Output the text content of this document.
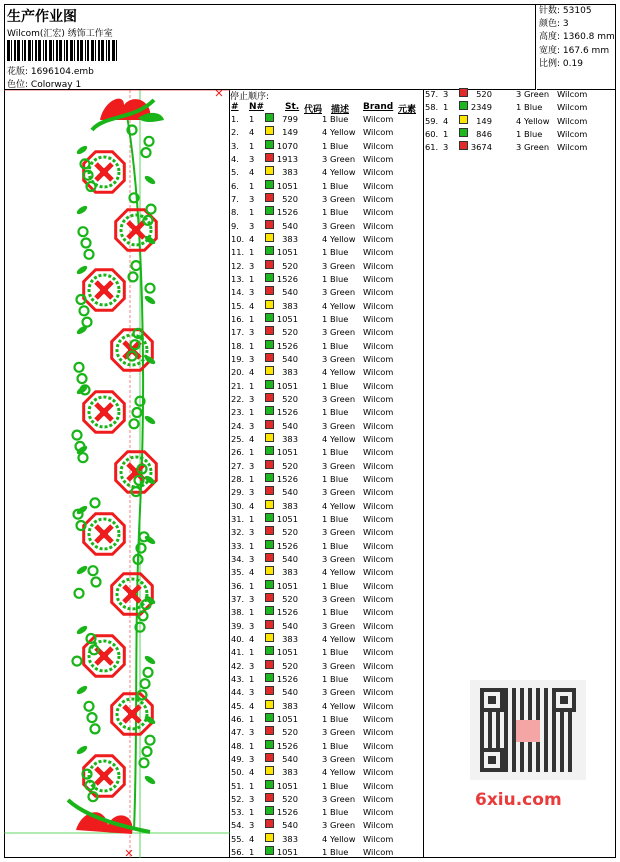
生产作业图
Wilcom(汇宏) 绣饰工作室
花版: 1696104.emb
色位: Colorway 1
针数: 53105
颜色: 3
高度: 1360.8 mm
宽度: 167.6 mm
比例: 0.19
停止顺序:
# N# St. 代码 描述 Brand 元素
1. 1	799	1 Blue Wilcom
2. 4	149	4 Yellow Wilcom
3. 1	1070	1 Blue Wilcom
4. 3	1913	3 Green Wilcom
5. 4	383	4 Yellow Wilcom
6. 1	1051	1 Blue Wilcom
7. 3	520	3 Green Wilcom
8. 1	1526	1 Blue Wilcom
9. 3	540	3 Green Wilcom
10. 4	383	4 Yellow Wilcom
11. 1	1051	1 Blue Wilcom
12. 3	520	3 Green Wilcom
13. 1	1526	1 Blue Wilcom
14. 3	540	3 Green Wilcom
15. 4	383	4 Yellow Wilcom
16. 1	1051	1 Blue Wilcom
17. 3	520	3 Green Wilcom
18. 1	1526	1 Blue Wilcom
19. 3	540	3 Green Wilcom
20. 4	383	4 Yellow Wilcom
21. 1	1051	1 Blue Wilcom
22. 3	520	3 Green Wilcom
23. 1	1526	1 Blue Wilcom
24. 3	540	3 Green Wilcom
25. 4	383	4 Yellow Wilcom
26. 1	1051	1 Blue Wilcom
27. 3	520	3 Green Wilcom
28. 1	1526	1 Blue Wilcom
29. 3	540	3 Green Wilcom
30. 4	383	4 Yellow Wilcom
31. 1	1051	1 Blue Wilcom
32. 3	520	3 Green Wilcom
33. 1	1526	1 Blue Wilcom
34. 3	540	3 Green Wilcom
35. 4	383	4 Yellow Wilcom
36. 1	1051	1 Blue Wilcom
37. 3	520	3 Green Wilcom
38. 1	1526	1 Blue Wilcom
39. 3	540	3 Green Wilcom
40. 4	383	4 Yellow Wilcom
41. 1	1051	1 Blue Wilcom
42. 3	520	3 Green Wilcom
43. 1	1526	1 Blue Wilcom
44. 3	540	3 Green Wilcom
45. 4	383	4 Yellow Wilcom
46. 1	1051	1 Blue Wilcom
47. 3	520	3 Green Wilcom
48. 1	1526	1 Blue Wilcom
49. 3	540	3 Green Wilcom
50. 4	383	4 Yellow Wilcom
51. 1	1051	1 Blue Wilcom
52. 3	520	3 Green Wilcom
53. 1	1526	1 Blue Wilcom
54. 3	540	3 Green Wilcom
55. 4	383	4 Yellow Wilcom
56. 1	1051	1 Blue Wilcom
57. 3	520	3 Green Wilcom
58. 1	2349	1 Blue Wilcom
59. 4	149	4 Yellow Wilcom
60. 1	846	1 Blue Wilcom
61. 3	3674	3 Green Wilcom
6xiu.com
